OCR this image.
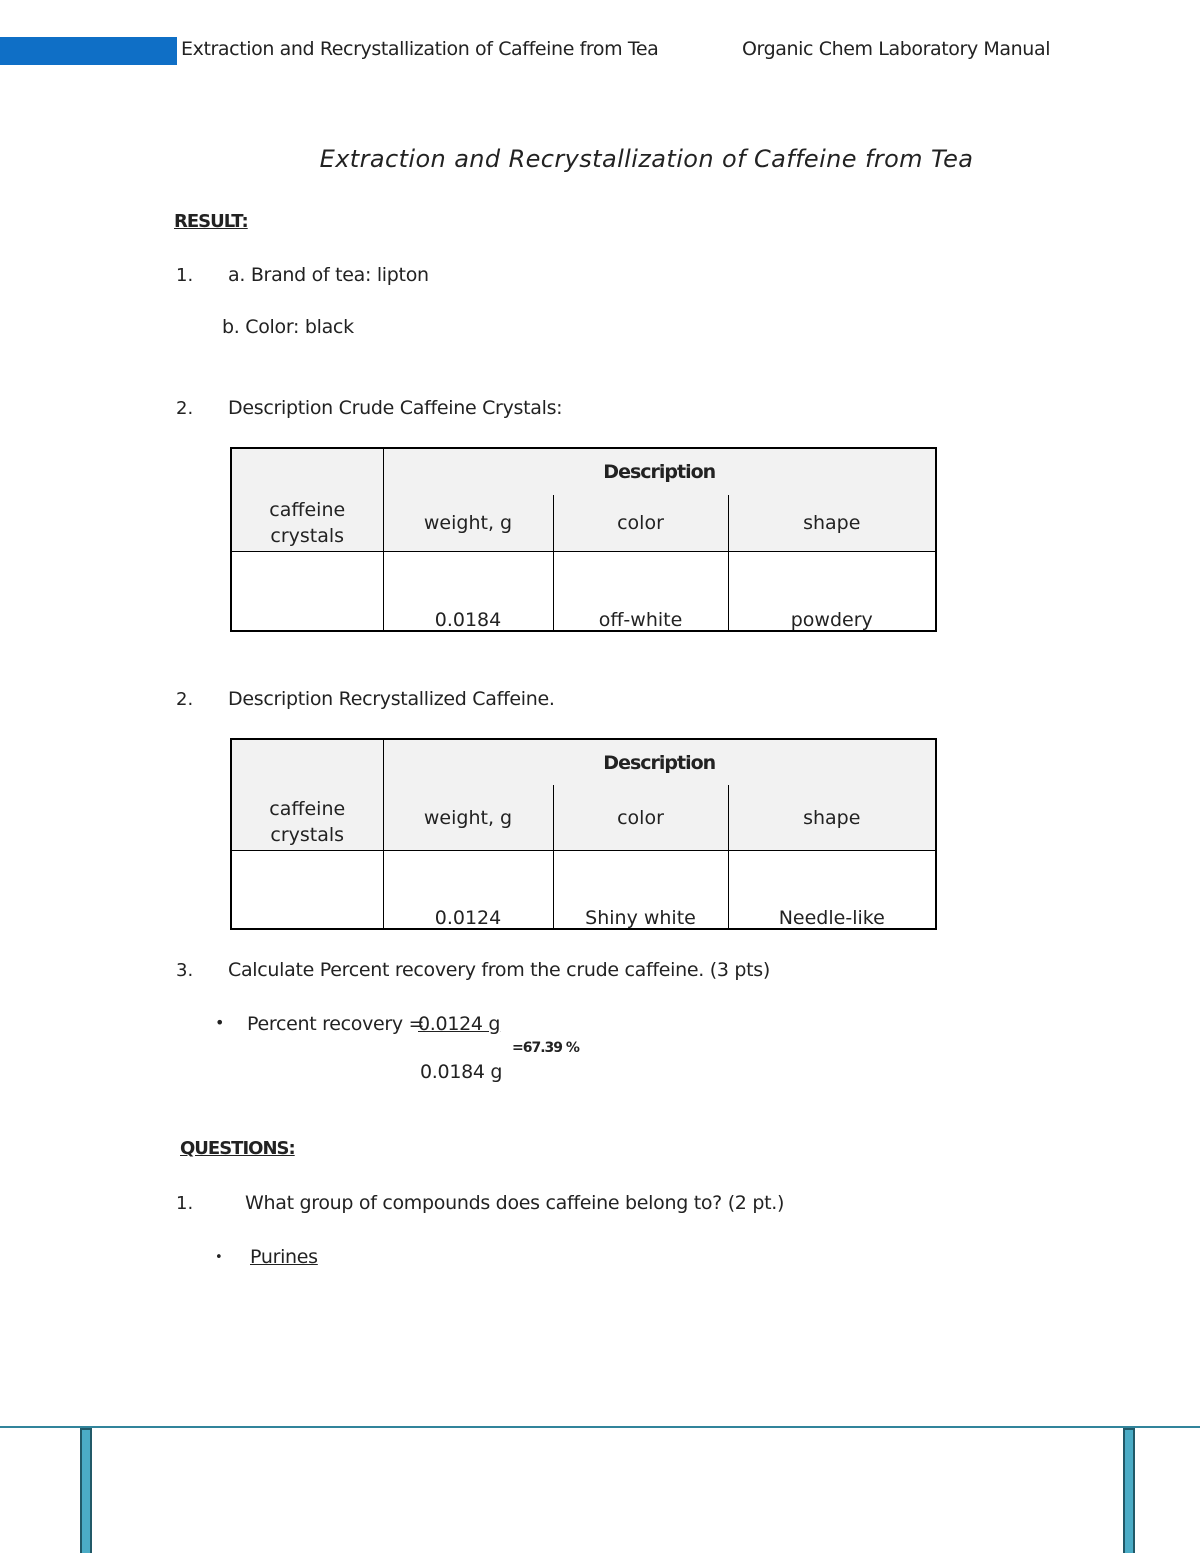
Extraction and Recrystallization of Caffeine from Tea	Organic Chem Laboratory Manual
Extraction and Recrystallization of Caffeine from Tea
RESULT:
1. a. Brand of tea: lipton
b. Color: black
2. Description Crude Caffeine Crystals:
caffeine crystals	Description		
	weight, g	color	shape
	0.0184	off-white	powdery
2. Description Recrystallized Caffeine.
caffeine crystals	Description		
	weight, g	color	shape
	0.0124	Shiny white	Needle-like
3. Calculate Percent recovery from the crude caffeine. (3 pts)
• Percent recovery =
0.0124 g
=67.39 %
0.0184 g
QUESTIONS:
1.	What group of compounds does caffeine belong to? (2 pt.)
• Purines
